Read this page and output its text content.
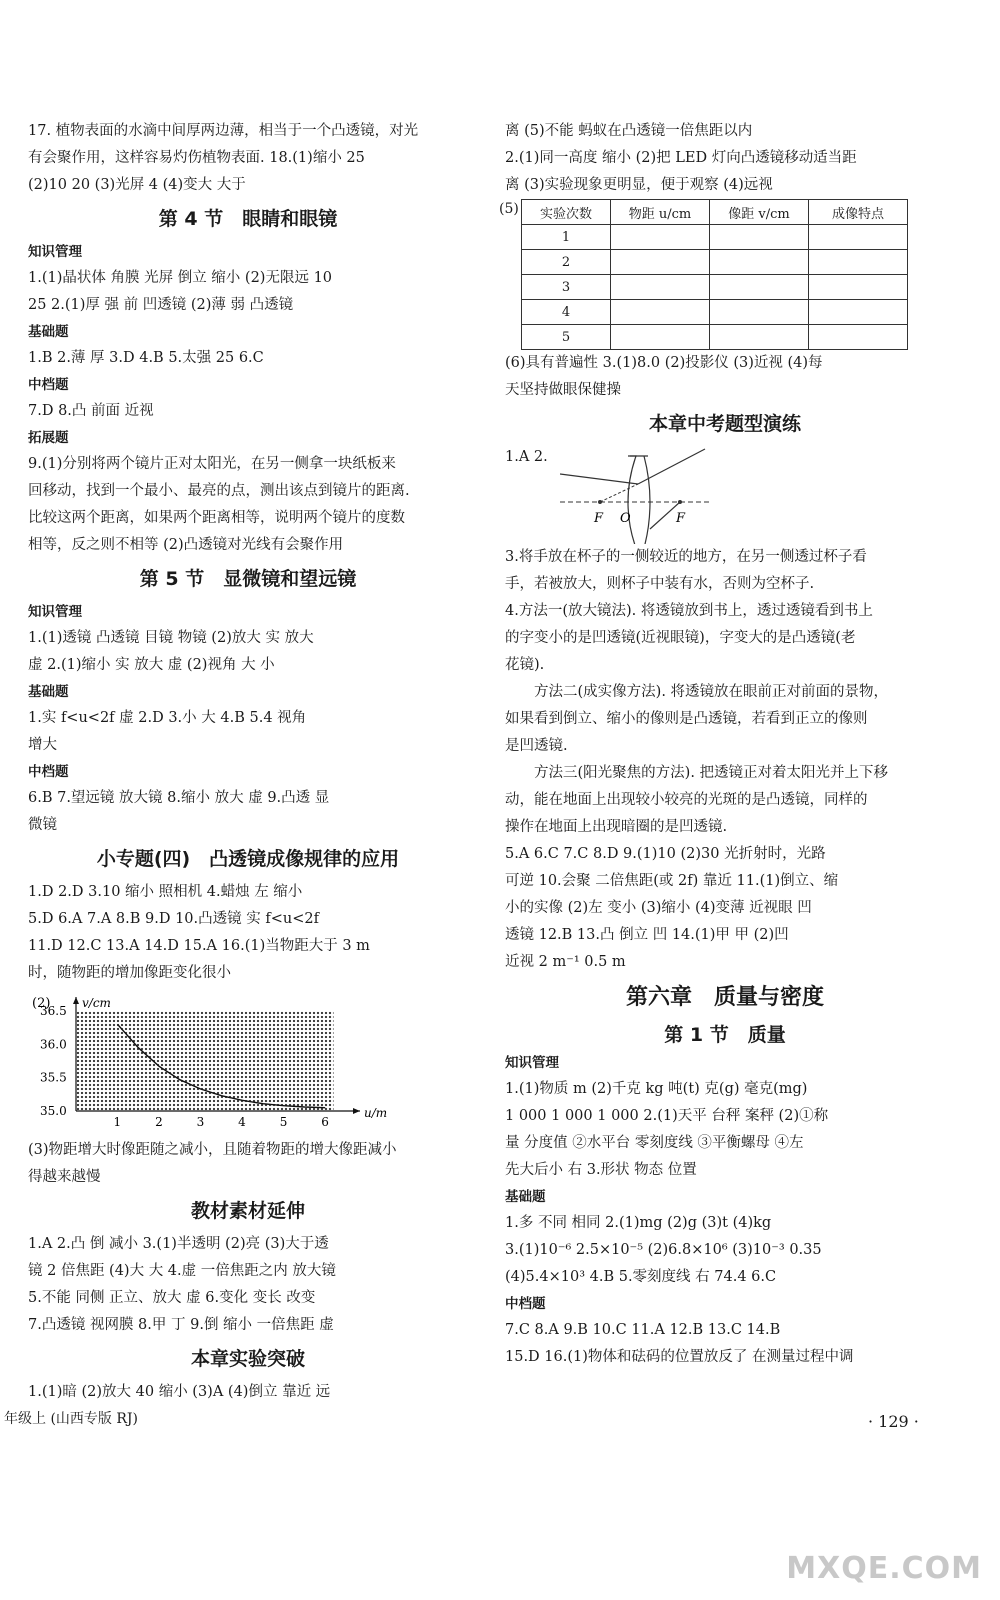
17. 植物表面的水滴中间厚两边薄，相当于一个凸透镜，对光
有会聚作用，这样容易灼伤植物表面. 18.(1)缩小 25
(2)10 20 (3)光屏 4 (4)变大 大于
第 4 节　眼睛和眼镜
知识管理
1.(1)晶状体 角膜 光屏 倒立 缩小 (2)无限远 10
25 2.(1)厚 强 前 凹透镜 (2)薄 弱 凸透镜
基础题
1.B 2.薄 厚 3.D 4.B 5.太强 25 6.C
中档题
7.D 8.凸 前面 近视
拓展题
9.(1)分别将两个镜片正对太阳光，在另一侧拿一块纸板来
回移动，找到一个最小、最亮的点，测出该点到镜片的距离.
比较这两个距离，如果两个距离相等，说明两个镜片的度数
相等，反之则不相等 (2)凸透镜对光线有会聚作用
第 5 节　显微镜和望远镜
知识管理
1.(1)透镜 凸透镜 目镜 物镜 (2)放大 实 放大
虚 2.(1)缩小 实 放大 虚 (2)视角 大 小
基础题
1.实 f<u<2f 虚 2.D 3.小 大 4.B 5.4 视角
增大
中档题
6.B 7.望远镜 放大镜 8.缩小 放大 虚 9.凸透 显
微镜
小专题(四)　凸透镜成像规律的应用
1.D 2.D 3.10 缩小 照相机 4.蜡烛 左 缩小
5.D 6.A 7.A 8.B 9.D 10.凸透镜 实 f<u<2f
11.D 12.C 13.A 14.D 15.A 16.(1)当物距大于 3 m
时，随物距的增加像距变化很小
(2)
1	2	3	4	5	6
35.0
35.5
36.0
36.5
u/m
v/cm
(3)物距增大时像距随之减小，且随着物距的增大像距减小
得越来越慢
教材素材延伸
1.A 2.凸 倒 减小 3.(1)半透明 (2)亮 (3)大于透
镜 2 倍焦距 (4)大 大 4.虚 一倍焦距之内 放大镜
5.不能 同侧 正立、放大 虚 6.变化 变长 改变
7.凸透镜 视网膜 8.甲 丁 9.倒 缩小 一倍焦距 虚
本章实验突破
1.(1)暗 (2)放大 40 缩小 (3)A (4)倒立 靠近 远
年级上 (山西专版 RJ)
离 (5)不能 蚂蚁在凸透镜一倍焦距以内
2.(1)同一高度 缩小 (2)把 LED 灯向凸透镜移动适当距
离 (3)实验现象更明显，便于观察 (4)远视
(5) 实验次数	物距 u/cm	像距 v/cm	成像特点
1			
2			
3			
4			
5			
(6)具有普遍性 3.(1)8.0 (2)投影仪 (3)近视 (4)每
天坚持做眼保健操
本章中考题型演练
1.A 2.
F O	F
3.将手放在杯子的一侧较近的地方，在另一侧透过杯子看
手，若被放大，则杯子中装有水，否则为空杯子.
4.方法一(放大镜法). 将透镜放到书上，透过透镜看到书上
的字变小的是凹透镜(近视眼镜)，字变大的是凸透镜(老
花镜).
方法二(成实像方法). 将透镜放在眼前正对前面的景物，
如果看到倒立、缩小的像则是凸透镜，若看到正立的像则
是凹透镜.
方法三(阳光聚焦的方法). 把透镜正对着太阳光并上下移
动，能在地面上出现较小较亮的光斑的是凸透镜，同样的
操作在地面上出现暗圈的是凹透镜.
5.A 6.C 7.C 8.D 9.(1)10 (2)30 光折射时，光路
可逆 10.会聚 二倍焦距(或 2f) 靠近 11.(1)倒立、缩
小的实像 (2)左 变小 (3)缩小 (4)变薄 近视眼 凹
透镜 12.B 13.凸 倒立 凹 14.(1)甲 甲 (2)凹
近视 2 m⁻¹ 0.5 m
第六章　质量与密度
第 1 节　质量
知识管理
1.(1)物质 m (2)千克 kg 吨(t) 克(g) 毫克(mg)
1 000 1 000 1 000 2.(1)天平 台秤 案秤 (2)①称
量 分度值 ②水平台 零刻度线 ③平衡螺母 ④左
先大后小 右 3.形状 物态 位置
基础题
1.多 不同 相同 2.(1)mg (2)g (3)t (4)kg
3.(1)10⁻⁶ 2.5×10⁻⁵ (2)6.8×10⁶ (3)10⁻³ 0.35
(4)5.4×10³ 4.B 5.零刻度线 右 74.4 6.C
中档题
7.C 8.A 9.B 10.C 11.A 12.B 13.C 14.B
15.D 16.(1)物体和砝码的位置放反了 在测量过程中调
· 129 ·
MXQE.COM
